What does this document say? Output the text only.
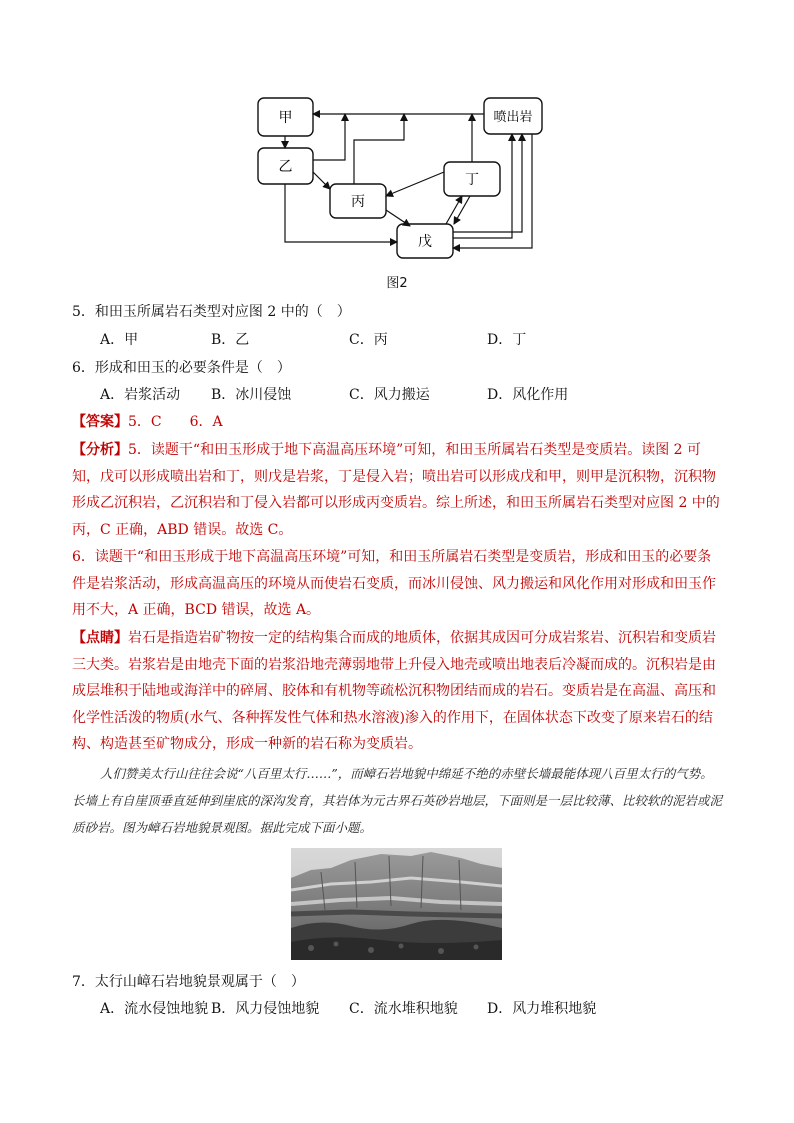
甲
乙
丙
丁
戊
喷出岩
图2
5．和田玉所属岩石类型对应图 2 中的（　）
A．甲	B．乙	C．丙	D．丁
6．形成和田玉的必要条件是（　）
A．岩浆活动 B．冰川侵蚀	C．风力搬运	D．风化作用
【答案】5．C　　6．A
【分析】5．读题干“和田玉形成于地下高温高压环境”可知，和田玉所属岩石类型是变质岩。读图 2 可知，戊可以形成喷出岩和丁，则戊是岩浆，丁是侵入岩；喷出岩可以形成戊和甲，则甲是沉积物，沉积物形成乙沉积岩，乙沉积岩和丁侵入岩都可以形成丙变质岩。综上所述，和田玉所属岩石类型对应图 2 中的丙，C 正确，ABD 错误。故选 C。
6．读题干“和田玉形成于地下高温高压环境”可知，和田玉所属岩石类型是变质岩，形成和田玉的必要条件是岩浆活动，形成高温高压的环境从而使岩石变质，而冰川侵蚀、风力搬运和风化作用对形成和田玉作用不大，A 正确，BCD 错误，故选 A。
【点睛】岩石是指造岩矿物按一定的结构集合而成的地质体，依据其成因可分成岩浆岩、沉积岩和变质岩三大类。岩浆岩是由地壳下面的岩浆沿地壳薄弱地带上升侵入地壳或喷出地表后冷凝而成的。沉积岩是由成层堆积于陆地或海洋中的碎屑、胶体和有机物等疏松沉积物团结而成的岩石。变质岩是在高温、高压和化学性活泼的物质(水气、各种挥发性气体和热水溶液)渗入的作用下，在固体状态下改变了原来岩石的结构、构造甚至矿物成分，形成一种新的岩石称为变质岩。
人们赞美太行山往往会说“八百里太行……”，而嶂石岩地貌中绵延不绝的赤壁长墙最能体现八百里太行的气势。长墙上有自崖顶垂直延伸到崖底的深沟发育，其岩体为元古界石英砂岩地层，下面则是一层比较薄、比较软的泥岩或泥质砂岩。图为嶂石岩地貌景观图。据此完成下面小题。
7．太行山嶂石岩地貌景观属于（　）
A．流水侵蚀地貌 B．风力侵蚀地貌 C．流水堆积地貌 D．风力堆积地貌
